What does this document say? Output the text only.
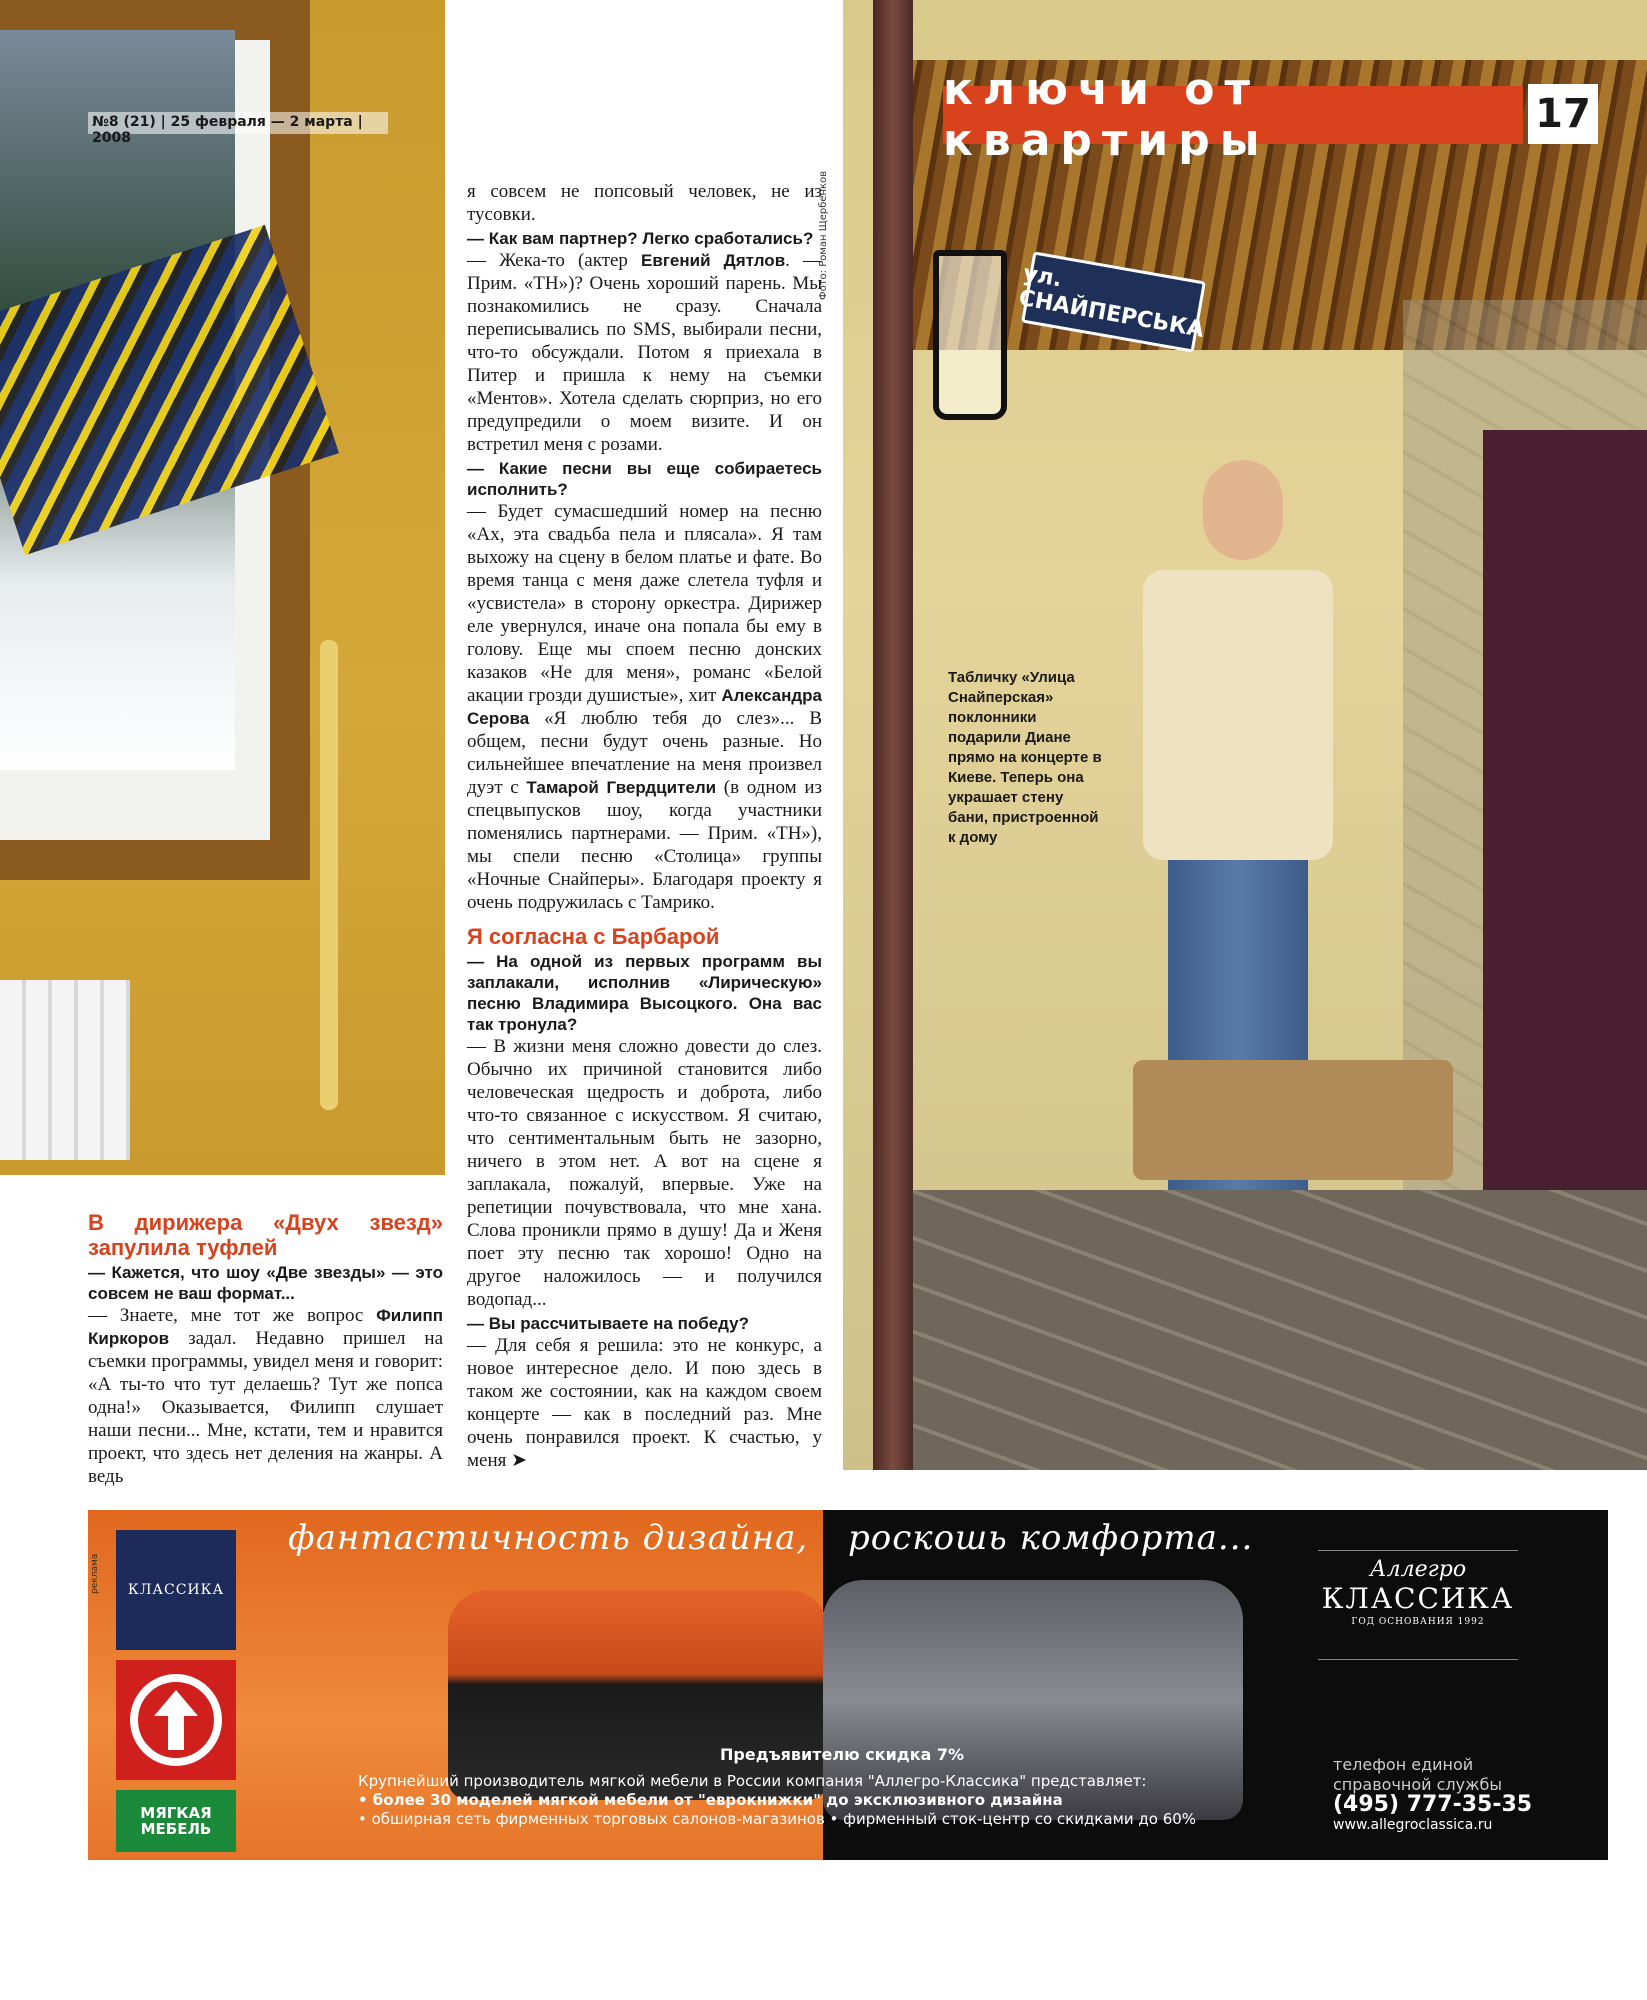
ул. СНАЙПЕРСЬКА
№8 (21) | 25 февраля — 2 марта | 2008
ключи от квартиры
17
Фото: Роман Щербенков
Табличку «Улица Снайперская» поклонники подарили Диане прямо на концерте в Киеве. Теперь она украшает стену бани, пристроенной к дому

В дирижера «Двух звезд» запулила туфлей

— Кажется, что шоу «Две звезды» — это совсем не ваш формат...

— Знаете, мне тот же вопрос Филипп Киркоров задал. Недавно пришел на съемки программы, увидел меня и говорит: «А ты-то что тут делаешь? Тут же попса одна!» Оказывается, Филипп слушает наши песни... Мне, кстати, тем и нравится проект, что здесь нет деления на жанры. А ведь

я совсем не попсовый человек, не из тусовки.

— Как вам партнер? Легко сработались?

— Жека-то (актер Евгений Дятлов. — Прим. «ТН»)? Очень хороший парень. Мы познакомились не сразу. Сначала переписывались по SMS, выбирали песни, что-то обсуждали. Потом я приехала в Питер и пришла к нему на съемки «Ментов». Хотела сделать сюрприз, но его предупредили о моем визите. И он встретил меня с розами.

— Какие песни вы еще собираетесь исполнить?

— Будет сумасшедший номер на песню «Ах, эта свадьба пела и плясала». Я там выхожу на сцену в белом платье и фате. Во время танца с меня даже слетела туфля и «усвистела» в сторону оркестра. Дирижер еле увернулся, иначе она попала бы ему в голову. Еще мы споем песню донских казаков «Не для меня», романс «Белой акации грозди душистые», хит Александра Серова «Я люблю тебя до слез»... В общем, песни будут очень разные. Но сильнейшее впечатление на меня произвел дуэт с Тамарой Гвердцители (в одном из спецвыпусков шоу, когда участники поменялись партнерами. — Прим. «ТН»), мы спели песню «Столица» группы «Ночные Снайперы». Благодаря проекту я очень подружилась с Тамрико.

Я согласна с Барбарой

— На одной из первых программ вы заплакали, исполнив «Лирическую» песню Владимира Высоцкого. Она вас так тронула?

— В жизни меня сложно довести до слез. Обычно их причиной становится либо человеческая щедрость и доброта, либо что-то связанное с искусством. Я считаю, что сентиментальным быть не зазорно, ничего в этом нет. А вот на сцене я заплакала, пожалуй, впервые. Уже на репетиции почувствовала, что мне хана. Слова проникли прямо в душу! Да и Женя поет эту песню так хорошо! Одно на другое наложилось — и получился водопад...

— Вы рассчитываете на победу?

— Для себя я решила: это не конкурс, а новое интересное дело. И пою здесь в таком же состоянии, как на каждом своем концерте — как в последний раз. Мне очень понравился проект. К счастью, у меня ➤

реклама	КЛАССИКА
МЯГКАЯ МЕБЕЛЬ
фантастичность дизайна,	роскошь комфорта...
Аллегро
КЛАССИКА
ГОД ОСНОВАНИЯ 1992
Предъявителю скидка 7%
Крупнейший производитель мягкой мебели в России компания "Аллегро-Классика" представляет:
• более 30 моделей мягкой мебели от "еврокнижки" до эксклюзивного дизайна
• обширная сеть фирменных торговых салонов-магазинов • фирменный сток-центр со скидками до 60%
телефон единой справочной службы
(495) 777-35-35
www.allegroclassica.ru
